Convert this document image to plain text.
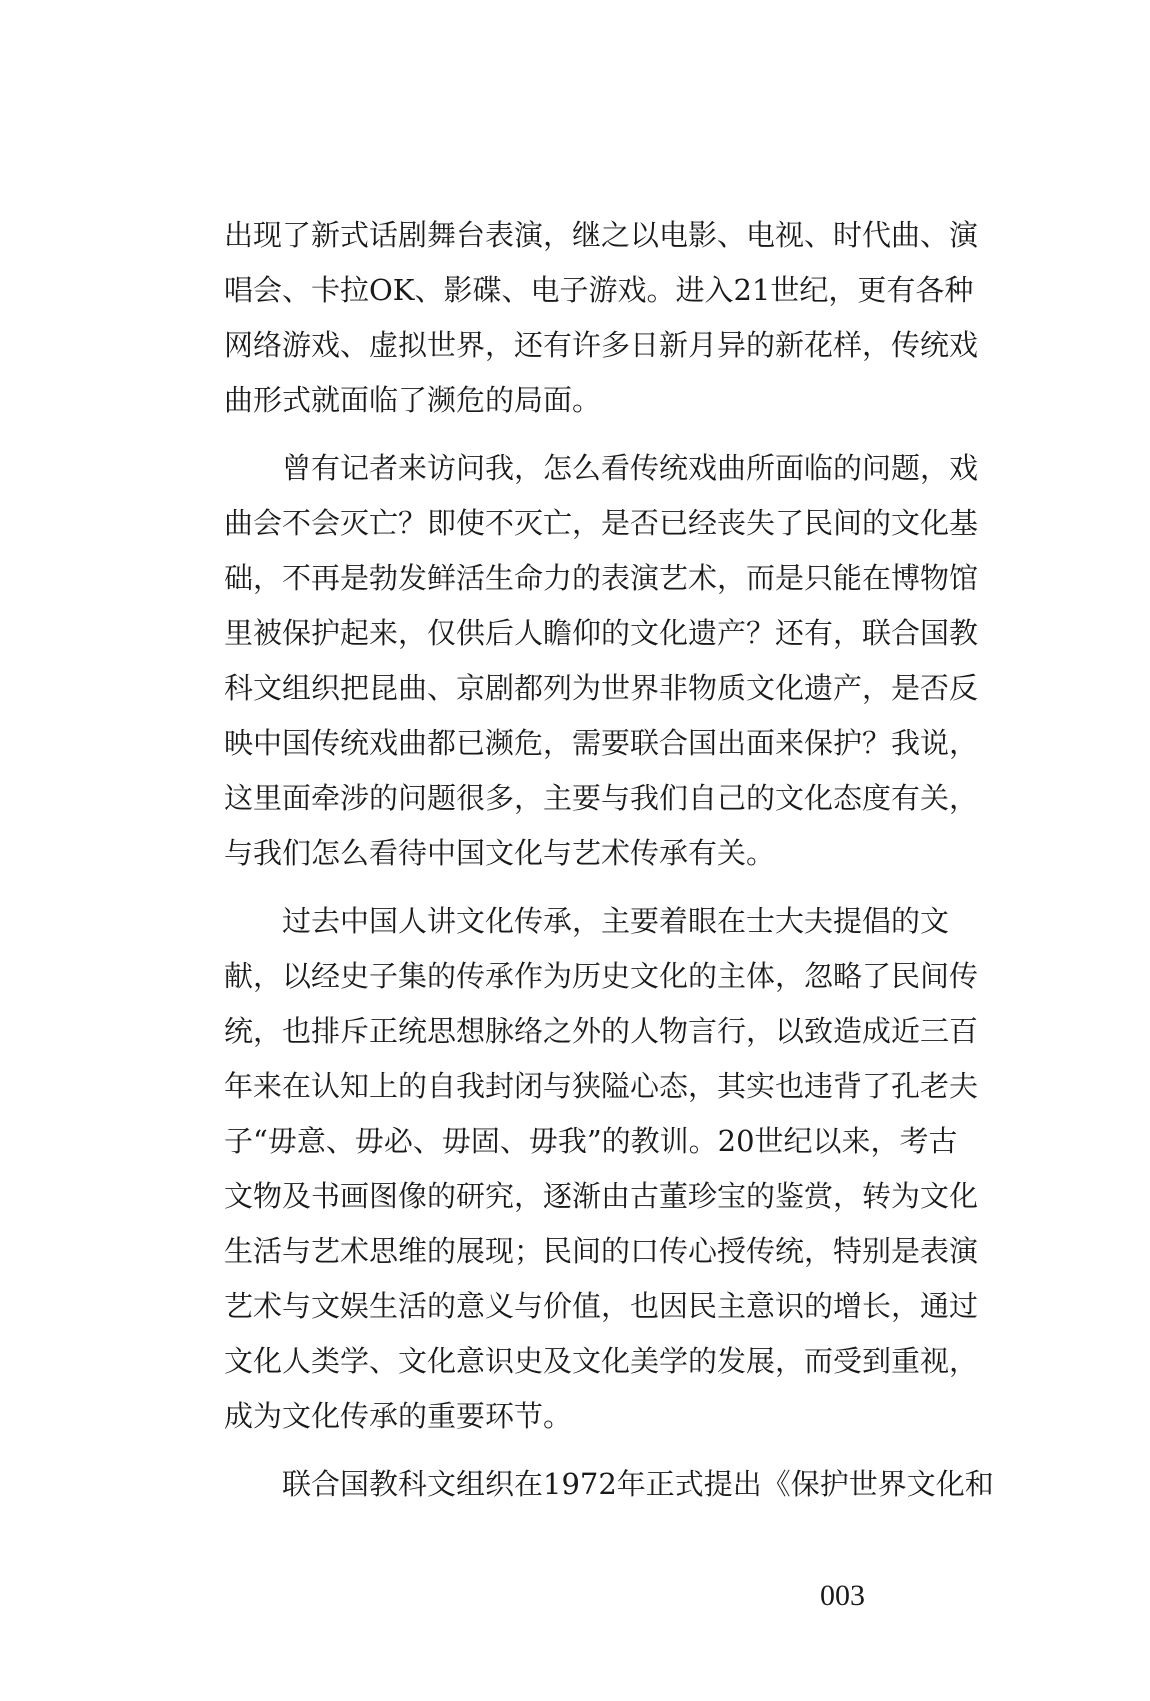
出现了新式话剧舞台表演，继之以电影、电视、时代曲、演
唱会、卡拉OK、影碟、电子游戏。进入21世纪，更有各种
网络游戏、虚拟世界，还有许多日新月异的新花样，传统戏
曲形式就面临了濒危的局面。
曾有记者来访问我，怎么看传统戏曲所面临的问题，戏
曲会不会灭亡？即使不灭亡，是否已经丧失了民间的文化基
础，不再是勃发鲜活生命力的表演艺术，而是只能在博物馆
里被保护起来，仅供后人瞻仰的文化遗产？还有，联合国教
科文组织把昆曲、京剧都列为世界非物质文化遗产，是否反
映中国传统戏曲都已濒危，需要联合国出面来保护？我说，
这里面牵涉的问题很多，主要与我们自己的文化态度有关，
与我们怎么看待中国文化与艺术传承有关。
过去中国人讲文化传承，主要着眼在士大夫提倡的文
献，以经史子集的传承作为历史文化的主体，忽略了民间传
统，也排斥正统思想脉络之外的人物言行，以致造成近三百
年来在认知上的自我封闭与狭隘心态，其实也违背了孔老夫
子“毋意、毋必、毋固、毋我”的教训。20世纪以来，考古
文物及书画图像的研究，逐渐由古董珍宝的鉴赏，转为文化
生活与艺术思维的展现；民间的口传心授传统，特别是表演
艺术与文娱生活的意义与价值，也因民主意识的增长，通过
文化人类学、文化意识史及文化美学的发展，而受到重视，
成为文化传承的重要环节。
联合国教科文组织在1972年正式提出《保护世界文化和
003
